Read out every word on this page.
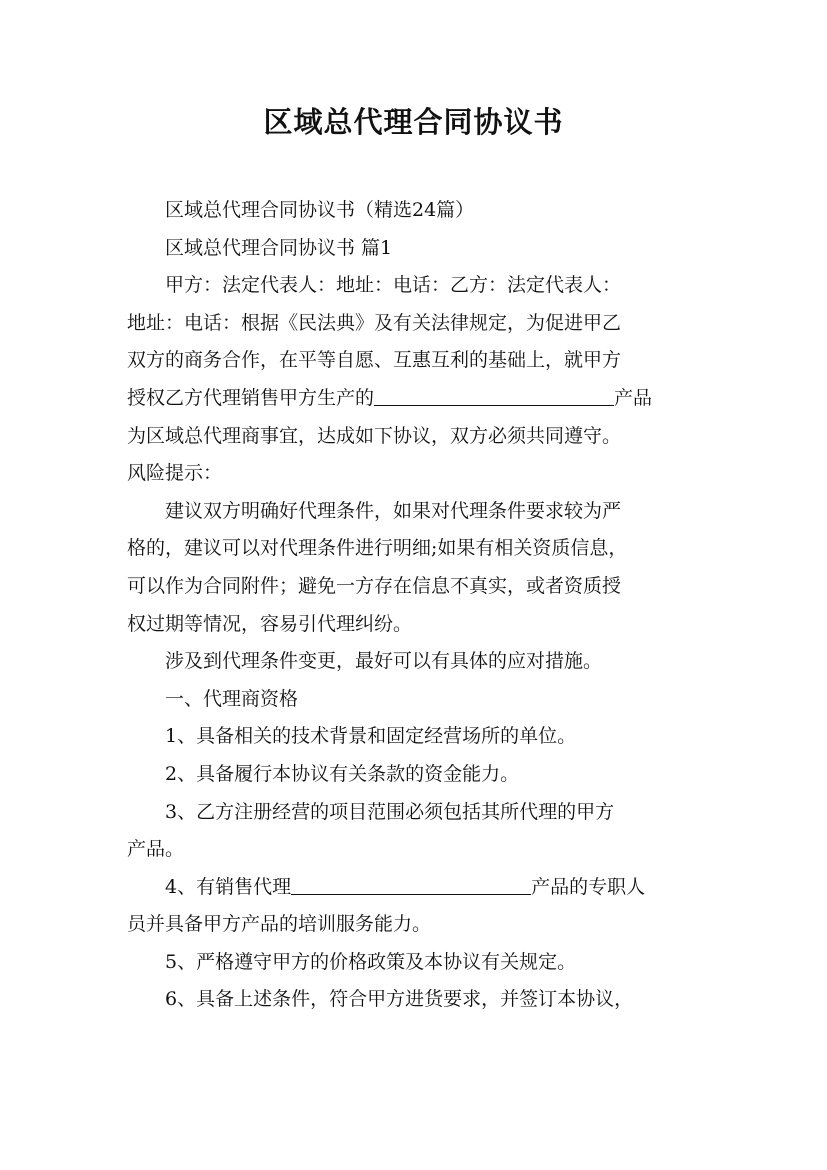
区域总代理合同协议书

区域总代理合同协议书（精选24篇）

区域总代理合同协议书 篇1

甲方：法定代表人：地址：电话：乙方：法定代表人：
地址：电话：根据《民法典》及有关法律规定，为促进甲乙
双方的商务合作，在平等自愿、互惠互利的基础上，就甲方
授权乙方代理销售甲方生产的	产品
为区域总代理商事宜，达成如下协议，双方必须共同遵守。
风险提示：
建议双方明确好代理条件，如果对代理条件要求较为严
格的，建议可以对代理条件进行明细;如果有相关资质信息，
可以作为合同附件；避免一方存在信息不真实，或者资质授
权过期等情况，容易引代理纠纷。

涉及到代理条件变更，最好可以有具体的应对措施。

一、代理商资格

1、具备相关的技术背景和固定经营场所的单位。

2、具备履行本协议有关条款的资金能力。

3、乙方注册经营的项目范围必须包括其所代理的甲方
产品。
4、有销售代理	产品的专职人
员并具备甲方产品的培训服务能力。

5、严格遵守甲方的价格政策及本协议有关规定。

6、具备上述条件，符合甲方进货要求，并签订本协议，
